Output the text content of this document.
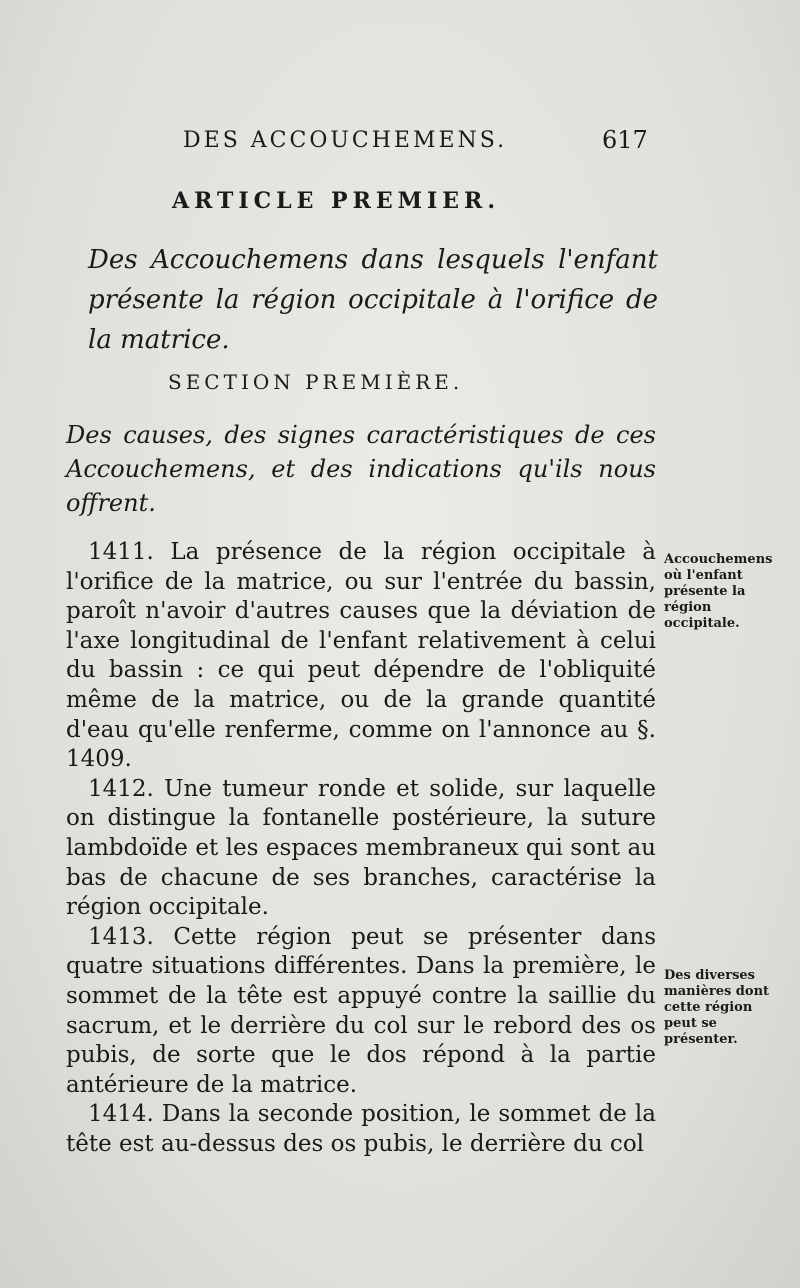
DES ACCOUCHEMENS.	617
ARTICLE PREMIER.
Des Accouchemens dans lesquels l'enfant présente la région occipitale à l'orifice de la matrice.
SECTION PREMIÈRE.
Des causes, des signes caractéristiques de ces Accouchemens, et des indications qu'ils nous offrent.

1411. La présence de la région occipitale à l'orifice de la matrice, ou sur l'entrée du bassin, paroît n'avoir d'autres causes que la déviation de l'axe longitudinal de l'enfant relativement à celui du bassin : ce qui peut dépendre de l'obliquité même de la matrice, ou de la grande quantité d'eau qu'elle renferme, comme on l'annonce au §. 1409.

1412. Une tumeur ronde et solide, sur laquelle on distingue la fontanelle postérieure, la suture lambdoïde et les espaces membraneux qui sont au bas de chacune de ses branches, caractérise la région occipitale.

1413. Cette région peut se présenter dans quatre situations différentes. Dans la première, le sommet de la tête est appuyé contre la saillie du sacrum, et le derrière du col sur le rebord des os pubis, de sorte que le dos répond à la partie antérieure de la matrice.

1414. Dans la seconde position, le sommet de la tête est au-dessus des os pubis, le derrière du col

Accouchemens où l'enfant présente la région occipitale.
Des diverses manières dont cette région peut se présenter.
